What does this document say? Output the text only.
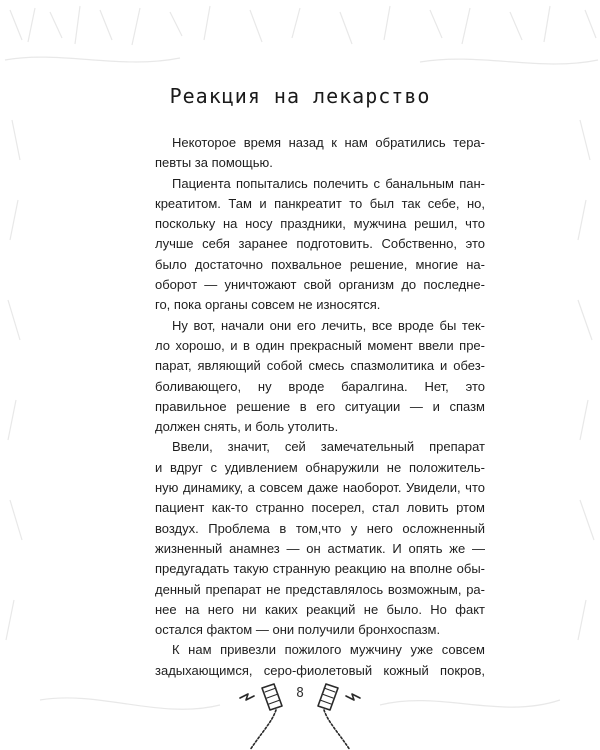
Реакция на лекарство
Некоторое время назад к нам обратились тера-
певты за помощью.
Пациента попытались полечить с банальным пан-
креатитом. Там и панкреатит то был так себе, но,
поскольку на носу праздники, мужчина решил, что
лучше себя заранее подготовить. Собственно, это
было достаточно похвальное решение, многие на-
оборот — уничтожают свой организм до последне-
го, пока органы совсем не износятся.
Ну вот, начали они его лечить, все вроде бы тек-
ло хорошо, и в один прекрасный момент ввели пре-
парат, являющий собой смесь спазмолитика и обез-
боливающего, ну вроде баралгина. Нет, это
правильное решение в его ситуации — и спазм
должен снять, и боль утолить.
Ввели, значит, сей замечательный препарат
и вдруг с удивлением обнаружили не положитель-
ную динамику, а совсем даже наоборот. Увидели, что
пациент как-то странно посерел, стал ловить ртом
воздух. Проблема в том,что у него осложненный
жизненный анамнез — он астматик. И опять же —
предугадать такую странную реакцию на вполне обы-
денный препарат не представлялось возможным, ра-
нее на него ни каких реакций не было. Но факт
остался фактом — они получили бронхоспазм.
К нам привезли пожилого мужчину уже совсем
задыхающимся, серо-фиолетовый кожный покров,
8
